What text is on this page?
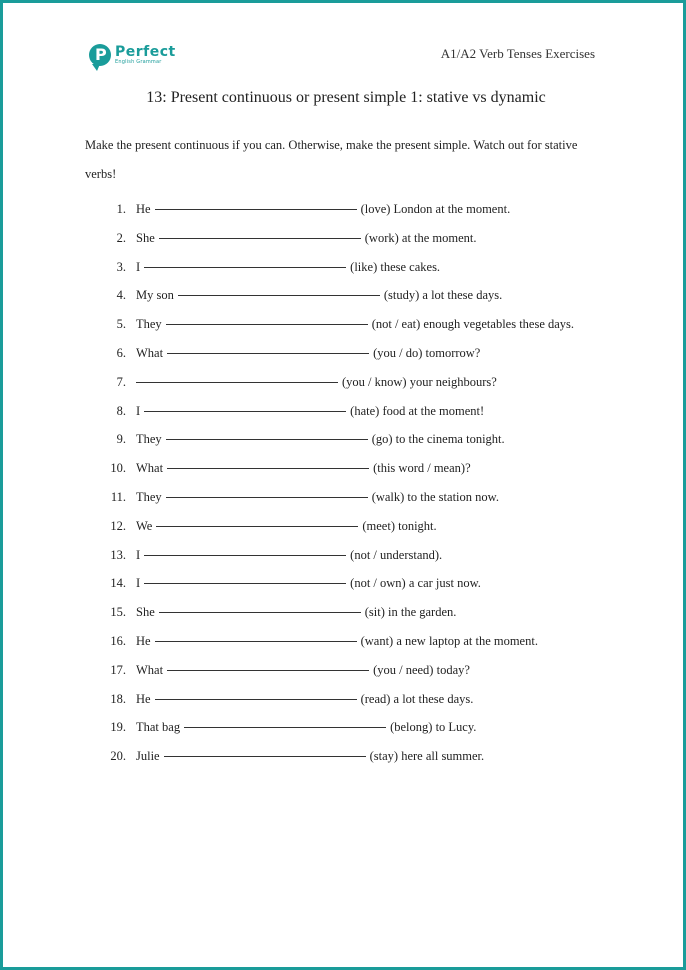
P
Perfect
English Grammar
A1/A2 Verb Tenses Exercises
13: Present continuous or present simple 1: stative vs dynamic
Make the present continuous if you can. Otherwise, make the present simple. Watch out for stative verbs!
1. He	(love) London at the moment.
2. She	(work) at the moment.
3. I	(like) these cakes.
4. My son	(study) a lot these days.
5. They	(not / eat) enough vegetables these days.
6. What	(you / do) tomorrow?
7.	(you / know) your neighbours?
8. I	(hate) food at the moment!
9. They	(go) to the cinema tonight.
10. What	(this word / mean)?
11. They	(walk) to the station now.
12. We	(meet) tonight.
13. I	(not / understand).
14. I	(not / own) a car just now.
15. She	(sit) in the garden.
16. He	(want) a new laptop at the moment.
17. What	(you / need) today?
18. He	(read) a lot these days.
19. That bag	(belong) to Lucy.
20. Julie	(stay) here all summer.
